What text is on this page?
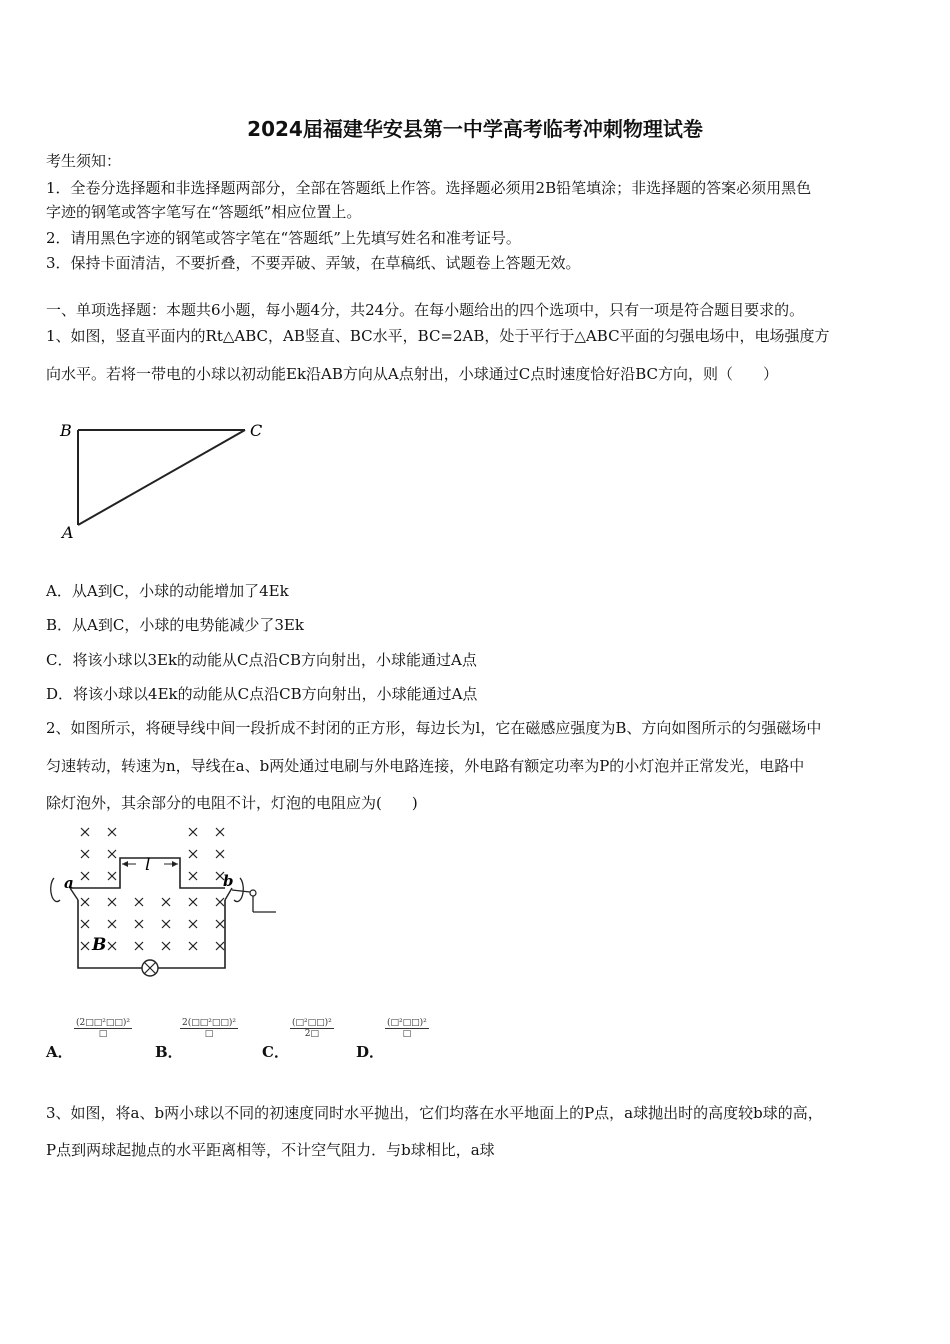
2024届福建华安县第一中学高考临考冲刺物理试卷
考生须知：
1．全卷分选择题和非选择题两部分，全部在答题纸上作答。选择题必须用2B铅笔填涂；非选择题的答案必须用黑色
字迹的钢笔或答字笔写在“答题纸”相应位置上。
2．请用黑色字迹的钢笔或答字笔在“答题纸”上先填写姓名和准考证号。
3．保持卡面清洁，不要折叠，不要弄破、弄皱，在草稿纸、试题卷上答题无效。
一、单项选择题：本题共6小题，每小题4分，共24分。在每小题给出的四个选项中，只有一项是符合题目要求的。
1、如图，竖直平面内的Rt△ABC，AB竖直、BC水平，BC=2AB，处于平行于△ABC平面的匀强电场中，电场强度方
向水平。若将一带电的小球以初动能Ek沿AB方向从A点射出，小球通过C点时速度恰好沿BC方向，则（　　）
B	C
A
A．从A到C，小球的动能增加了4Ek
B．从A到C，小球的电势能减少了3Ek
C．将该小球以3Ek的动能从C点沿CB方向射出，小球能通过A点
D．将该小球以4Ek的动能从C点沿CB方向射出，小球能通过A点
2、如图所示，将硬导线中间一段折成不封闭的正方形，每边长为l，它在磁感应强度为B、方向如图所示的匀强磁场中
匀速转动，转速为n，导线在a、b两处通过电刷与外电路连接，外电路有额定功率为P的小灯泡并正常发光，电路中
除灯泡外，其余部分的电阻不计，灯泡的电阻应为(　　)
l
a	b
B
(2□□²□□)²
□
A．
2(□□²□□)²
□
B．
(□²□□)²
2□
C．
(□²□□)²
□
D．
3、如图，将a、b两小球以不同的初速度同时水平抛出，它们均落在水平地面上的P点，a球抛出时的高度较b球的高，
P点到两球起抛点的水平距离相等，不计空气阻力．与b球相比，a球
